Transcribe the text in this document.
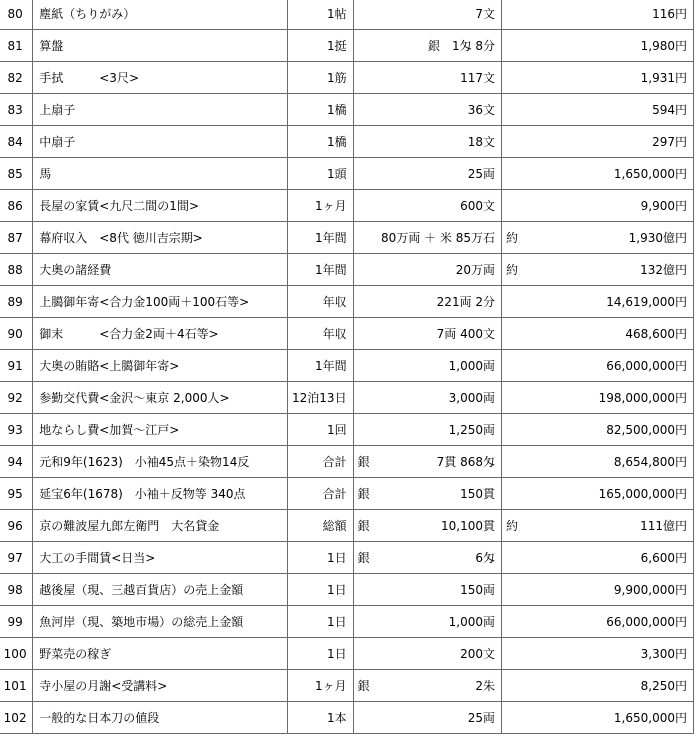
80	塵紙（ちりがみ）	1帖	7文	116円
81	算盤	1挺	銀　1匁 8分	1,980円
82	手拭　　　<3尺>	1筋	117文	1,931円
83	上扇子	1橋	36文	594円
84	中扇子	1橋	18文	297円
85	馬	1頭	25両	1,650,000円
86	長屋の家賃<九尺二間の1間>	1ヶ月	600文	9,900円
87	幕府収入　<8代 徳川吉宗期>	1年間	80万両 ＋ 米 85万石	約 1,930億円

88	大奥の諸経費	1年間	20万両	約 132億円

89	上臈御年寄<合力金100両＋100石等>	年収	221両 2分	14,619,000円
90	御末　　　<合力金2両＋4石等>	年収	7両 400文	468,600円
91	大奥の賄賂<上臈御年寄>	1年間	1,000両	66,000,000円
92	参勤交代費<金沢～東京 2,000人>	12泊13日	3,000両	198,000,000円
93	地ならし費<加賀～江戸>	1回	1,250両	82,500,000円
94	元和9年(1623)　小袖45点＋染物14反	合計	銀 7貫 868匁	8,654,800円
95	延宝6年(1678)　小袖＋反物等 340点	合計	銀 150貫	165,000,000円
96	京の難波屋九郎左衛門　大名貸金	総額	銀 10,100貫	約 111億円

97	大工の手間賃<日当>	1日	銀 6匁	6,600円
98	越後屋（現、三越百貨店）の売上金額	1日	150両	9,900,000円
99	魚河岸（現、築地市場）の総売上金額	1日	1,000両	66,000,000円
100	野菜売の稼ぎ	1日	200文	3,300円
101	寺小屋の月謝<受講料>	1ヶ月	銀 2朱	8,250円
102	一般的な日本刀の値段	1本	25両	1,650,000円
